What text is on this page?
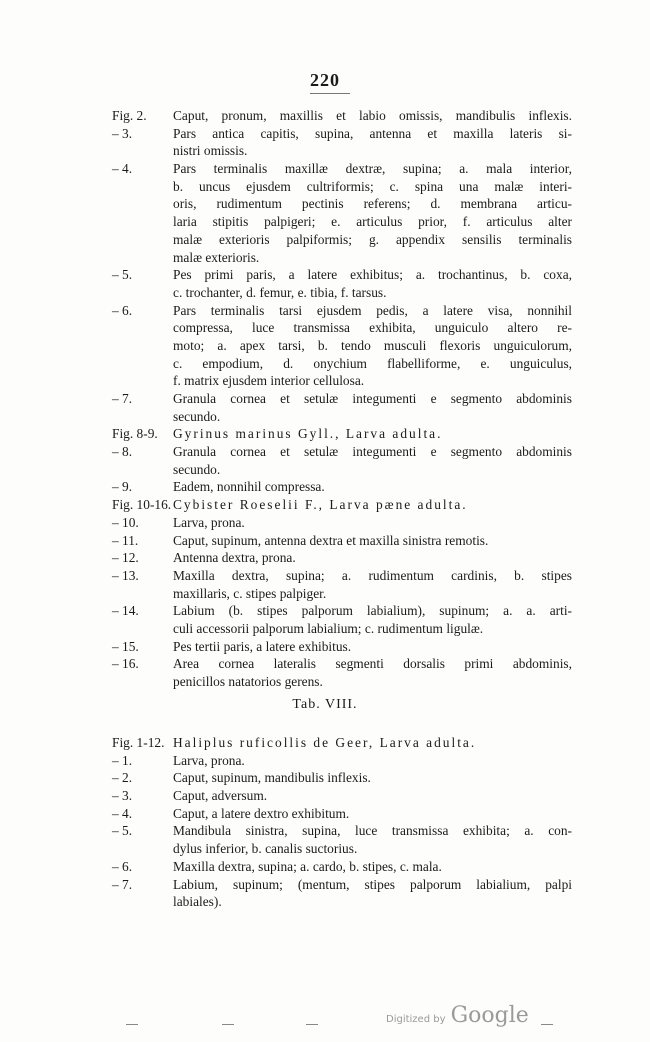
220
Fig. 2.	Caput, pronum, maxillis et labio omissis, mandibulis inflexis.
– 3.	Pars antica capitis, supina, antenna et maxilla lateris si-
nistri omissis.
– 4.	Pars terminalis maxillæ dextræ, supina; a. mala interior,
b. uncus ejusdem cultriformis; c. spina una malæ interi-
oris, rudimentum pectinis referens; d. membrana articu-
laria stipitis palpigeri; e. articulus prior, f. articulus alter
malæ exterioris palpiformis; g. appendix sensilis terminalis
malæ exterioris.
– 5.	Pes primi paris, a latere exhibitus; a. trochantinus, b. coxa,
c. trochanter, d. femur, e. tibia, f. tarsus.
– 6.	Pars terminalis tarsi ejusdem pedis, a latere visa, nonnihil
compressa, luce transmissa exhibita, unguiculo altero re-
moto; a. apex tarsi, b. tendo musculi flexoris unguiculorum,
c. empodium, d. onychium flabelliforme, e. unguiculus,
f. matrix ejusdem interior cellulosa.
– 7.	Granula cornea et setulæ integumenti e segmento abdominis
secundo.
Fig. 8-9.	Gyrinus marinus Gyll., Larva adulta.
– 8.	Granula cornea et setulæ integumenti e segmento abdominis
secundo.
– 9.	Eadem, nonnihil compressa.
Fig. 10-16. Cybister Roeselii F., Larva pæne adulta.
– 10.	Larva, prona.
– 11.	Caput, supinum, antenna dextra et maxilla sinistra remotis.
– 12.	Antenna dextra, prona.
– 13.	Maxilla dextra, supina; a. rudimentum cardinis, b. stipes
maxillaris, c. stipes palpiger.
– 14.	Labium (b. stipes palporum labialium), supinum; a. a. arti-
culi accessorii palporum labialium; c. rudimentum ligulæ.
– 15.	Pes tertii paris, a latere exhibitus.
– 16.	Area cornea lateralis segmenti dorsalis primi abdominis,
penicillos natatorios gerens.
Tab. VIII.
Fig. 1-12. Haliplus ruficollis de Geer, Larva adulta.
– 1.	Larva, prona.
– 2.	Caput, supinum, mandibulis inflexis.
– 3.	Caput, adversum.
– 4.	Caput, a latere dextro exhibitum.
– 5.	Mandibula sinistra, supina, luce transmissa exhibita; a. con-
dylus inferior, b. canalis suctorius.
– 6.	Maxilla dextra, supina; a. cardo, b. stipes, c. mala.
– 7.	Labium, supinum; (mentum, stipes palporum labialium, palpi
labiales).
Digitized by Google
